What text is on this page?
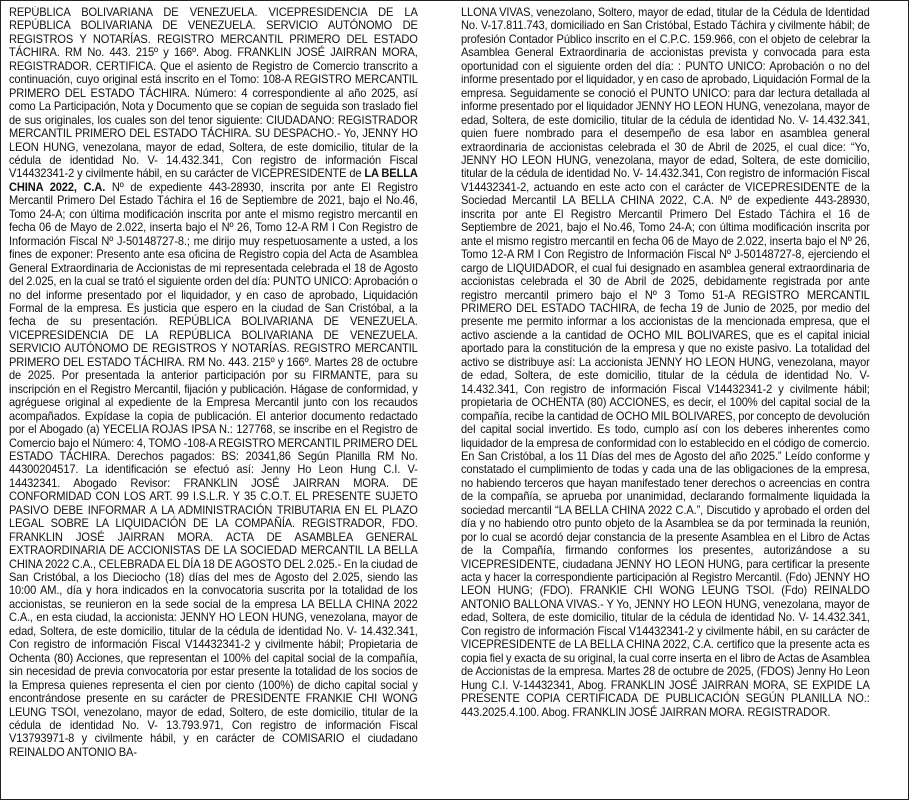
REPÚBLICA BOLIVARIANA DE VENEZUELA. VICEPRESIDENCIA DE LA REPÚBLICA BOLIVARIANA DE VENEZUELA. SERVICIO AUTÓNOMO DE REGISTROS Y NOTARÍAS. REGISTRO MERCANTIL PRIMERO DEL ESTADO TÁCHIRA. RM No. 443. 215º y 166º. Abog. FRANKLIN JOSÉ JAIRRAN MORA, REGISTRADOR. CERTIFICA. Que el asiento de Registro de Comercio transcrito a continuación, cuyo original está inscrito en el Tomo: 108-A REGISTRO MERCANTIL PRIMERO DEL ESTADO TÁCHIRA. Número: 4 correspondiente al año 2025, así como La Participación, Nota y Documento que se copian de seguida son traslado fiel de sus originales, los cuales son del tenor siguiente: CIUDADANO: REGISTRADOR MERCANTIL PRIMERO DEL ESTADO TÁCHIRA. SU DESPACHO.- Yo, JENNY HO LEON HUNG, venezolana, mayor de edad, Soltera, de este domicilio, titular de la cédula de identidad No. V- 14.432.341, Con registro de información Fiscal V14432341-2 y civilmente hábil, en su carácter de VICEPRESIDENTE de LA BELLA CHINA 2022, C.A. Nº de expediente 443-28930, inscrita por ante El Registro Mercantil Primero Del Estado Táchira el 16 de Septiembre de 2021, bajo el No.46, Tomo 24-A; con última modificación inscrita por ante el mismo registro mercantil en fecha 06 de Mayo de 2.022, inserta bajo el Nº 26, Tomo 12-A RM I Con Registro de Información Fiscal Nº J-50148727-8.; me dirijo muy respetuosamente a usted, a los fines de exponer: Presento ante esa oficina de Registro copia del Acta de Asamblea General Extraordinaria de Accionistas de mi representada celebrada el 18 de Agosto del 2.025, en la cual se trató el siguiente orden del día: PUNTO UNICO: Aprobación o no del informe presentado por el liquidador, y en caso de aprobado, Liquidación Formal de la empresa. Es justicia que espero en la ciudad de San Cristóbal, a la fecha de su presentación. REPÚBLICA BOLIVARIANA DE VENEZUELA. VICEPRESIDENCIA DE LA REPÚBLICA BOLIVARIANA DE VENEZUELA. SERVICIO AUTÓNOMO DE REGISTROS Y NOTARÍAS. REGISTRO MERCANTIL PRIMERO DEL ESTADO TÁCHIRA. RM No. 443. 215º y 166º. Martes 28 de octubre de 2025. Por presentada la anterior participación por su FIRMANTE, para su inscripción en el Registro Mercantil, fijación y publicación. Hágase de conformidad, y agréguese original al expediente de la Empresa Mercantil junto con los recaudos acompañados. Expídase la copia de publicación. El anterior documento redactado por el Abogado (a) YECELIA ROJAS IPSA N.: 127768, se inscribe en el Registro de Comercio bajo el Número: 4, TOMO -108-A REGISTRO MERCANTIL PRIMERO DEL ESTADO TÁCHIRA. Derechos pagados: BS: 20341,86 Según Planilla RM No. 44300204517. La identificación se efectuó así: Jenny Ho Leon Hung C.I. V-14432341. Abogado Revisor: FRANKLIN JOSÉ JAIRRAN MORA. DE CONFORMIDAD CON LOS ART. 99 I.S.L.R. Y 35 C.O.T. EL PRESENTE SUJETO PASIVO DEBE INFORMAR A LA ADMINISTRACIÓN TRIBUTARIA EN EL PLAZO LEGAL SOBRE LA LIQUIDACIÓN DE LA COMPAÑÍA. REGISTRADOR, FDO. FRANKLIN JOSÉ JAIRRAN MORA. ACTA DE ASAMBLEA GENERAL EXTRAORDINARIA DE ACCIONISTAS DE LA SOCIEDAD MERCANTIL LA BELLA CHINA 2022 C.A., CELEBRADA EL DÍA 18 DE AGOSTO DEL 2.025.- En la ciudad de San Cristóbal, a los Dieciocho (18) días del mes de Agosto del 2.025, siendo las 10:00 AM., día y hora indicados en la convocatoria suscrita por la totalidad de los accionistas, se reunieron en la sede social de la empresa LA BELLA CHINA 2022 C.A., en esta ciudad, la accionista: JENNY HO LEON HUNG, venezolana, mayor de edad, Soltera, de este domicilio, titular de la cédula de identidad No. V- 14.432.341, Con registro de información Fiscal V14432341-2 y civilmente hábil; Propietaria de Ochenta (80) Acciones, que representan el 100% del capital social de la compañía, sin necesidad de previa convocatoria por estar presente la totalidad de los socios de la Empresa quienes representa el cien por ciento (100%) de dicho capital social y encontrándose presente en su carácter de PRESIDENTE FRANKIE CHI WONG LEUNG TSOI, venezolano, mayor de edad, Soltero, de este domicilio, titular de la cédula de identidad No. V- 13.793.971, Con registro de información Fiscal V13793971-8 y civilmente hábil, y en carácter de COMISARIO el ciudadano REINALDO ANTONIO BA-

LLONA VIVAS, venezolano, Soltero, mayor de edad, titular de la Cédula de Identidad No. V-17.811.743, domiciliado en San Cristóbal, Estado Táchira y civilmente hábil; de profesión Contador Público inscrito en el C.P.C. 159.966, con el objeto de celebrar la Asamblea General Extraordinaria de accionistas prevista y convocada para esta oportunidad con el siguiente orden del día: : PUNTO UNICO: Aprobación o no del informe presentado por el liquidador, y en caso de aprobado, Liquidación Formal de la empresa. Seguidamente se conoció el PUNTO UNICO: para dar lectura detallada al informe presentado por el liquidador JENNY HO LEON HUNG, venezolana, mayor de edad, Soltera, de este domicilio, titular de la cédula de identidad No. V- 14.432.341, quien fuere nombrado para el desempeño de esa labor en asamblea general extraordinaria de accionistas celebrada el 30 de Abril de 2025, el cual dice: “Yo, JENNY HO LEON HUNG, venezolana, mayor de edad, Soltera, de este domicilio, titular de la cédula de identidad No. V- 14.432.341, Con registro de información Fiscal V14432341-2, actuando en este acto con el carácter de VICEPRESIDENTE de la Sociedad Mercantil LA BELLA CHINA 2022, C.A. Nº de expediente 443-28930, inscrita por ante El Registro Mercantil Primero Del Estado Táchira el 16 de Septiembre de 2021, bajo el No.46, Tomo 24-A; con última modificación inscrita por ante el mismo registro mercantil en fecha 06 de Mayo de 2.022, inserta bajo el Nº 26, Tomo 12-A RM I Con Registro de Información Fiscal Nº J-50148727-8, ejerciendo el cargo de LIQUIDADOR, el cual fui designado en asamblea general extraordinaria de accionistas celebrada el 30 de Abril de 2025, debidamente registrada por ante registro mercantil primero bajo el Nº 3 Tomo 51-A REGISTRO MERCANTIL PRIMERO DEL ESTADO TACHIRA, de fecha 19 de Junio de 2025, por medio del presente me permito informar a los accionistas de la mencionada empresa, que el activo asciende a la cantidad de OCHO MIL BOLIVARES, que es el capital inicial aportado para la constitución de la empresa y que no existe pasivo. La totalidad del activo se distribuye así: La accionista JENNY HO LEON HUNG, venezolana, mayor de edad, Soltera, de este domicilio, titular de la cédula de identidad No. V- 14.432.341, Con registro de información Fiscal V14432341-2 y civilmente hábil; propietaria de OCHENTA (80) ACCIONES, es decir, el 100% del capital social de la compañía, recibe la cantidad de OCHO MIL BOLIVARES, por concepto de devolución del capital social invertido. Es todo, cumplo así con los deberes inherentes como liquidador de la empresa de conformidad con lo establecido en el código de comercio. En San Cristóbal, a los 11 Días del mes de Agosto del año 2025.” Leído conforme y constatado el cumplimiento de todas y cada una de las obligaciones de la empresa, no habiendo terceros que hayan manifestado tener derechos o acreencias en contra de la compañía, se aprueba por unanimidad, declarando formalmente liquidada la sociedad mercantil “LA BELLA CHINA 2022 C.A.”, Discutido y aprobado el orden del día y no habiendo otro punto objeto de la Asamblea se da por terminada la reunión, por lo cual se acordó dejar constancia de la presente Asamblea en el Libro de Actas de la Compañía, firmando conformes los presentes, autorizándose a su VICEPRESIDENTE, ciudadana JENNY HO LEON HUNG, para certificar la presente acta y hacer la correspondiente participación al Registro Mercantil. (Fdo) JENNY HO LEON HUNG; (FDO). FRANKIE CHI WONG LEUNG TSOI. (Fdo) REINALDO ANTONIO BALLONA VIVAS.- Y Yo, JENNY HO LEON HUNG, venezolana, mayor de edad, Soltera, de este domicilio, titular de la cédula de identidad No. V- 14.432.341, Con registro de información Fiscal V14432341-2 y civilmente hábil, en su carácter de VICEPRESIDENTE de LA BELLA CHINA 2022, C.A. certifico que la presente acta es copia fiel y exacta de su original, la cual corre inserta en el libro de Actas de Asamblea de Accionistas de la empresa. Martes 28 de octubre de 2025, (FDOS) Jenny Ho Leon Hung C.I. V-14432341, Abog. FRANKLIN JOSÉ JAIRRAN MORA, SE EXPIDE LA PRESENTE COPIA CERTIFICADA DE PUBLICACIÓN SEGÚN PLANILLA NO.: 443.2025.4.100. Abog. FRANKLIN JOSÉ JAIRRAN MORA. REGISTRADOR.
